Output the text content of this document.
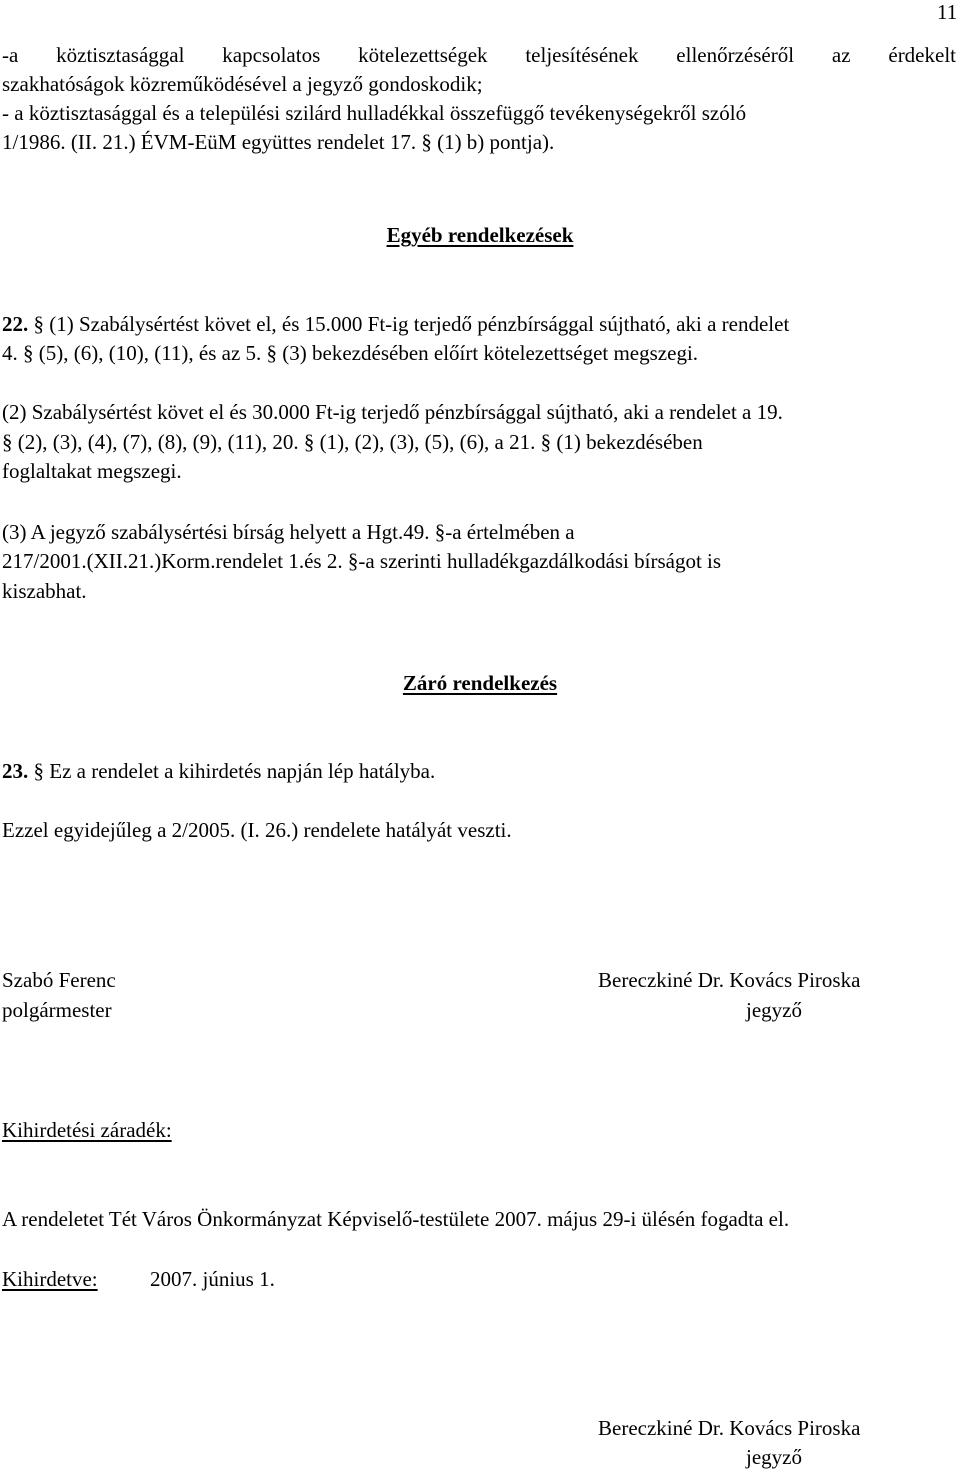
11
-a köztisztasággal kapcsolatos kötelezettségek teljesítésének ellenőrzéséről az érdekelt
szakhatóságok közreműködésével a jegyző gondoskodik;
- a köztisztasággal és a települési szilárd hulladékkal összefüggő tevékenységekről szóló
1/1986. (II. 21.) ÉVM-EüM együttes rendelet 17. § (1) b) pontja).
Egyéb rendelkezések
22. § (1) Szabálysértést követ el, és 15.000 Ft-ig terjedő pénzbírsággal sújtható, aki a rendelet
4. § (5), (6), (10), (11), és az 5. § (3) bekezdésében előírt kötelezettséget megszegi.
(2) Szabálysértést követ el és 30.000 Ft-ig terjedő pénzbírsággal sújtható, aki a rendelet a 19.
§ (2), (3), (4), (7), (8), (9), (11), 20. § (1), (2), (3), (5), (6), a 21. § (1) bekezdésében
foglaltakat megszegi.
(3) A jegyző szabálysértési bírság helyett a Hgt.49. §-a értelmében a
217/2001.(XII.21.)Korm.rendelet 1.és 2. §-a szerinti hulladékgazdálkodási bírságot is
kiszabhat.
Záró rendelkezés
23. § Ez a rendelet a kihirdetés napján lép hatályba.
Ezzel egyidejűleg a 2/2005. (I. 26.) rendelete hatályát veszti.
Szabó Ferenc
polgármester
Bereczkiné Dr. Kovács Piroska
jegyző
Kihirdetési záradék:
A rendeletet Tét Város Önkormányzat Képviselő-testülete 2007. május 29-i ülésén fogadta el.
Kihirdetve: 2007. június 1.
Bereczkiné Dr. Kovács Piroska
jegyző
